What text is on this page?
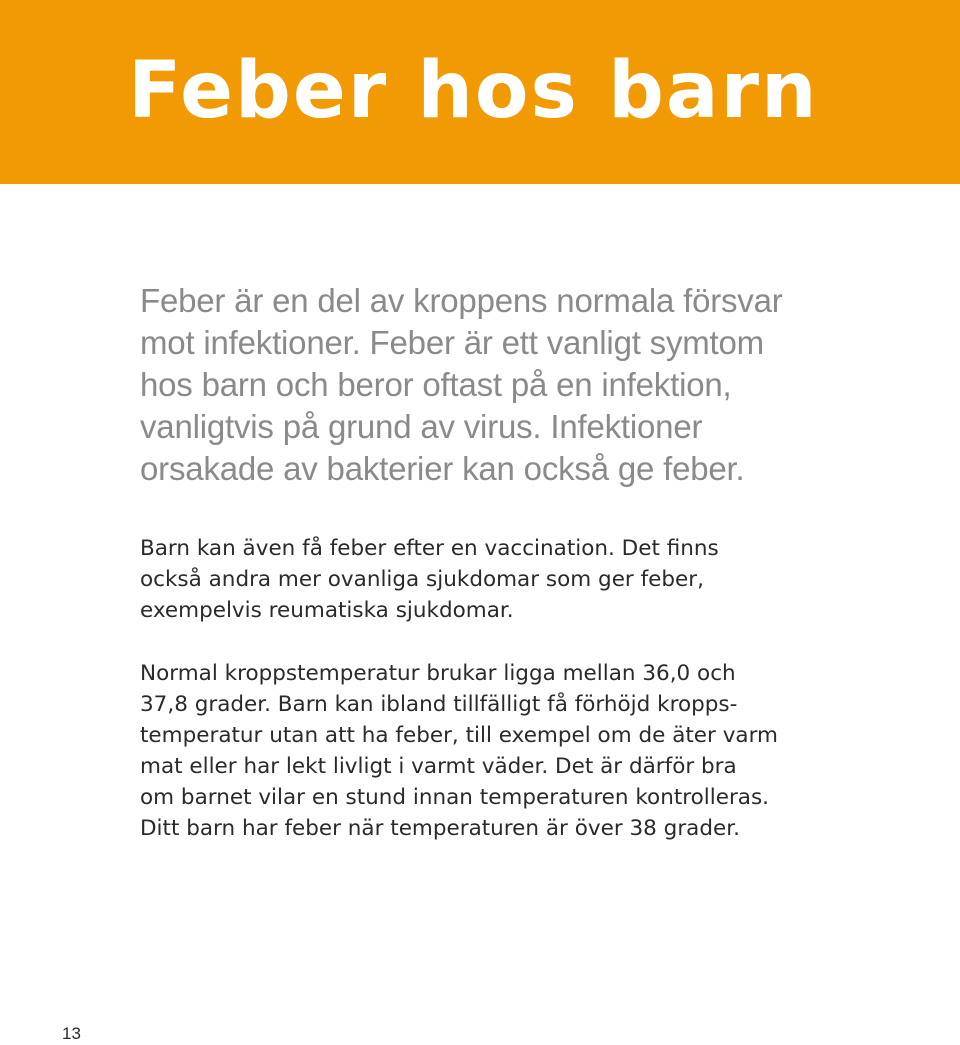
Feber hos barn

Feber är en del av kroppens normala försvar
mot infektioner. Feber är ett vanligt symtom
hos barn och beror oftast på en infektion,
vanligtvis på grund av virus. Infektioner
orsakade av bakterier kan också ge feber.

Barn kan även få feber efter en vaccination. Det finns
också andra mer ovanliga sjukdomar som ger feber,
exempelvis reumatiska sjukdomar.

Normal kroppstemperatur brukar ligga mellan 36,0 och
37,8 grader. Barn kan ibland tillfälligt få förhöjd kropps-
temperatur utan att ha feber, till exempel om de äter varm
mat eller har lekt livligt i varmt väder. Det är därför bra
om barnet vilar en stund innan temperaturen kontrolleras.
Ditt barn har feber när temperaturen är över 38 grader.

13
